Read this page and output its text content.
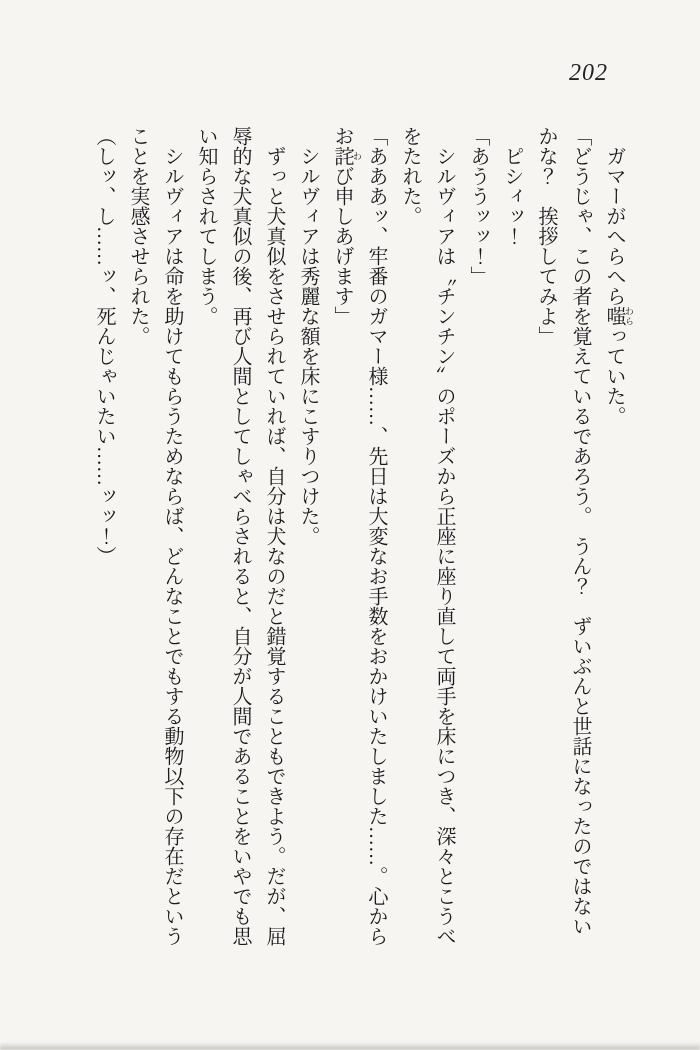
202

ガマーがへらへら嗤 わらっていた。

「どうじゃ、この者を覚えているであろう。　うん？　ずいぶんと世話になったのではないかな？　挨拶してみよ」

ピシィッ！

「あううッッ！」

シルヴィアは〝チンチン〟のポーズから正座に座り直して両手を床につき、深々とこうべをたれた。

「あああッ、牢番のガマー様……、先日は大変なお手数をおかけいたしました……。心からお詫 わび申しあげます」

シルヴィアは秀麗な額を床にこすりつけた。

ずっと犬真似をさせられていれば、自分は犬なのだと錯覚することもできよう。だが、屈辱的な犬真似の後、再び人間としてしゃべらされると、自分が人間であることをいやでも思い知らされてしまう。

シルヴィアは命を助けてもらうためならば、どんなことでもする動物以下の存在だということを実感させられた。

（しッ、し……ッ、死んじゃいたい……ッッ！）
